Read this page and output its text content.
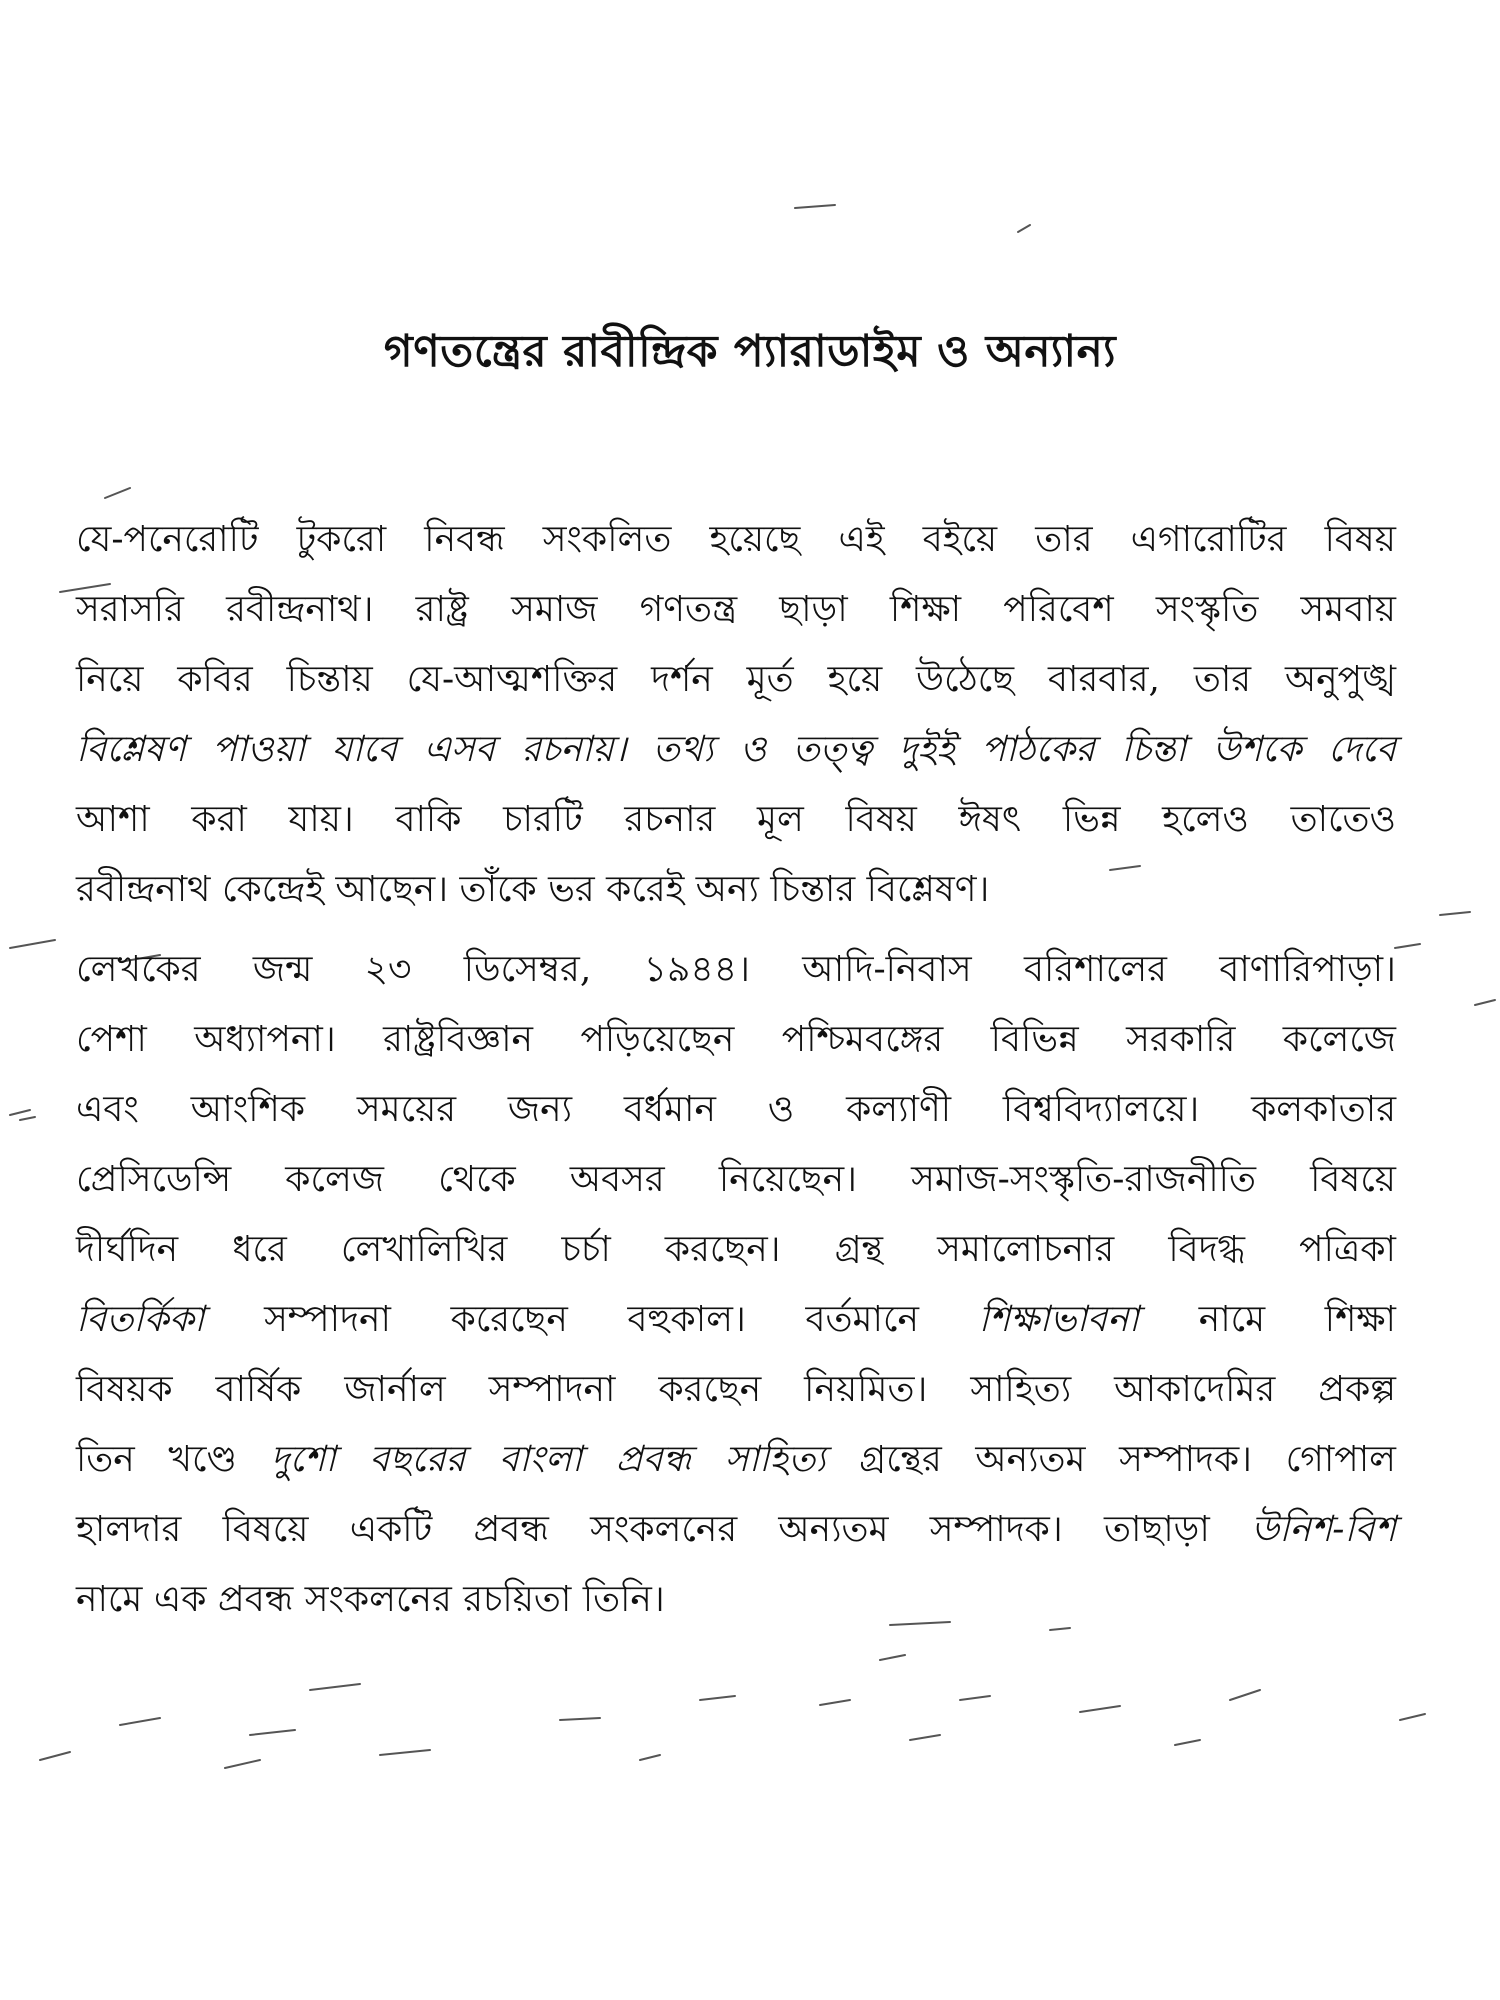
গণতন্ত্রের রাবীন্দ্রিক প্যারাডাইম ও অন্যান্য
যে-পনেরোটি টুকরো নিবন্ধ সংকলিত হয়েছে এই বইয়ে তার এগারোটির বিষয়
সরাসরি রবীন্দ্রনাথ। রাষ্ট্র সমাজ গণতন্ত্র ছাড়া শিক্ষা পরিবেশ সংস্কৃতি সমবায়
নিয়ে কবির চিন্তায় যে-আত্মশক্তির দর্শন মূর্ত হয়ে উঠেছে বারবার, তার অনুপুঙ্খ
বিশ্লেষণ পাওয়া যাবে এসব রচনায়। তথ্য ও তত্ত্ব দুইই পাঠকের চিন্তা উশকে দেবে
আশা করা যায়। বাকি চারটি রচনার মূল বিষয় ঈষৎ ভিন্ন হলেও তাতেও
রবীন্দ্রনাথ কেন্দ্রেই আছেন। তাঁকে ভর করেই অন্য চিন্তার বিশ্লেষণ।
লেখকের জন্ম ২৩ ডিসেম্বর, ১৯৪৪। আদি-নিবাস বরিশালের বাণারিপাড়া।
পেশা অধ্যাপনা। রাষ্ট্রবিজ্ঞান পড়িয়েছেন পশ্চিমবঙ্গের বিভিন্ন সরকারি কলেজে
এবং আংশিক সময়ের জন্য বর্ধমান ও কল্যাণী বিশ্ববিদ্যালয়ে। কলকাতার
প্রেসিডেন্সি কলেজ থেকে অবসর নিয়েছেন। সমাজ-সংস্কৃতি-রাজনীতি বিষয়ে
দীর্ঘদিন ধরে লেখালিখির চর্চা করছেন। গ্রন্থ সমালোচনার বিদগ্ধ পত্রিকা
বিতর্কিকা সম্পাদনা করেছেন বহুকাল। বর্তমানে শিক্ষাভাবনা নামে শিক্ষা
বিষয়ক বার্ষিক জার্নাল সম্পাদনা করছেন নিয়মিত। সাহিত্য আকাদেমির প্রকল্প
তিন খণ্ডে দুশো বছরের বাংলা প্রবন্ধ সাহিত্য গ্রন্থের অন্যতম সম্পাদক। গোপাল
হালদার বিষয়ে একটি প্রবন্ধ সংকলনের অন্যতম সম্পাদক। তাছাড়া উনিশ-বিশ
নামে এক প্রবন্ধ সংকলনের রচয়িতা তিনি।
